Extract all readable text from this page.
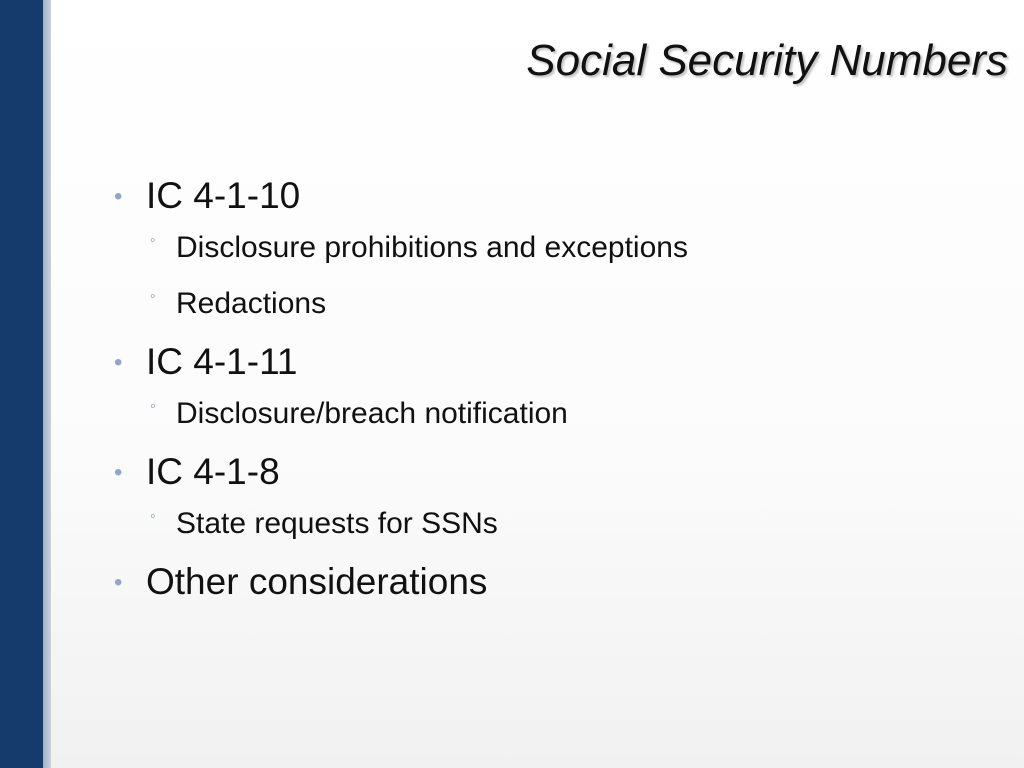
Social Security Numbers
• IC 4-1-10
◦ Disclosure prohibitions and exceptions
◦ Redactions
• IC 4-1-11
◦ Disclosure/breach notification
• IC 4-1-8
◦ State requests for SSNs
• Other considerations
